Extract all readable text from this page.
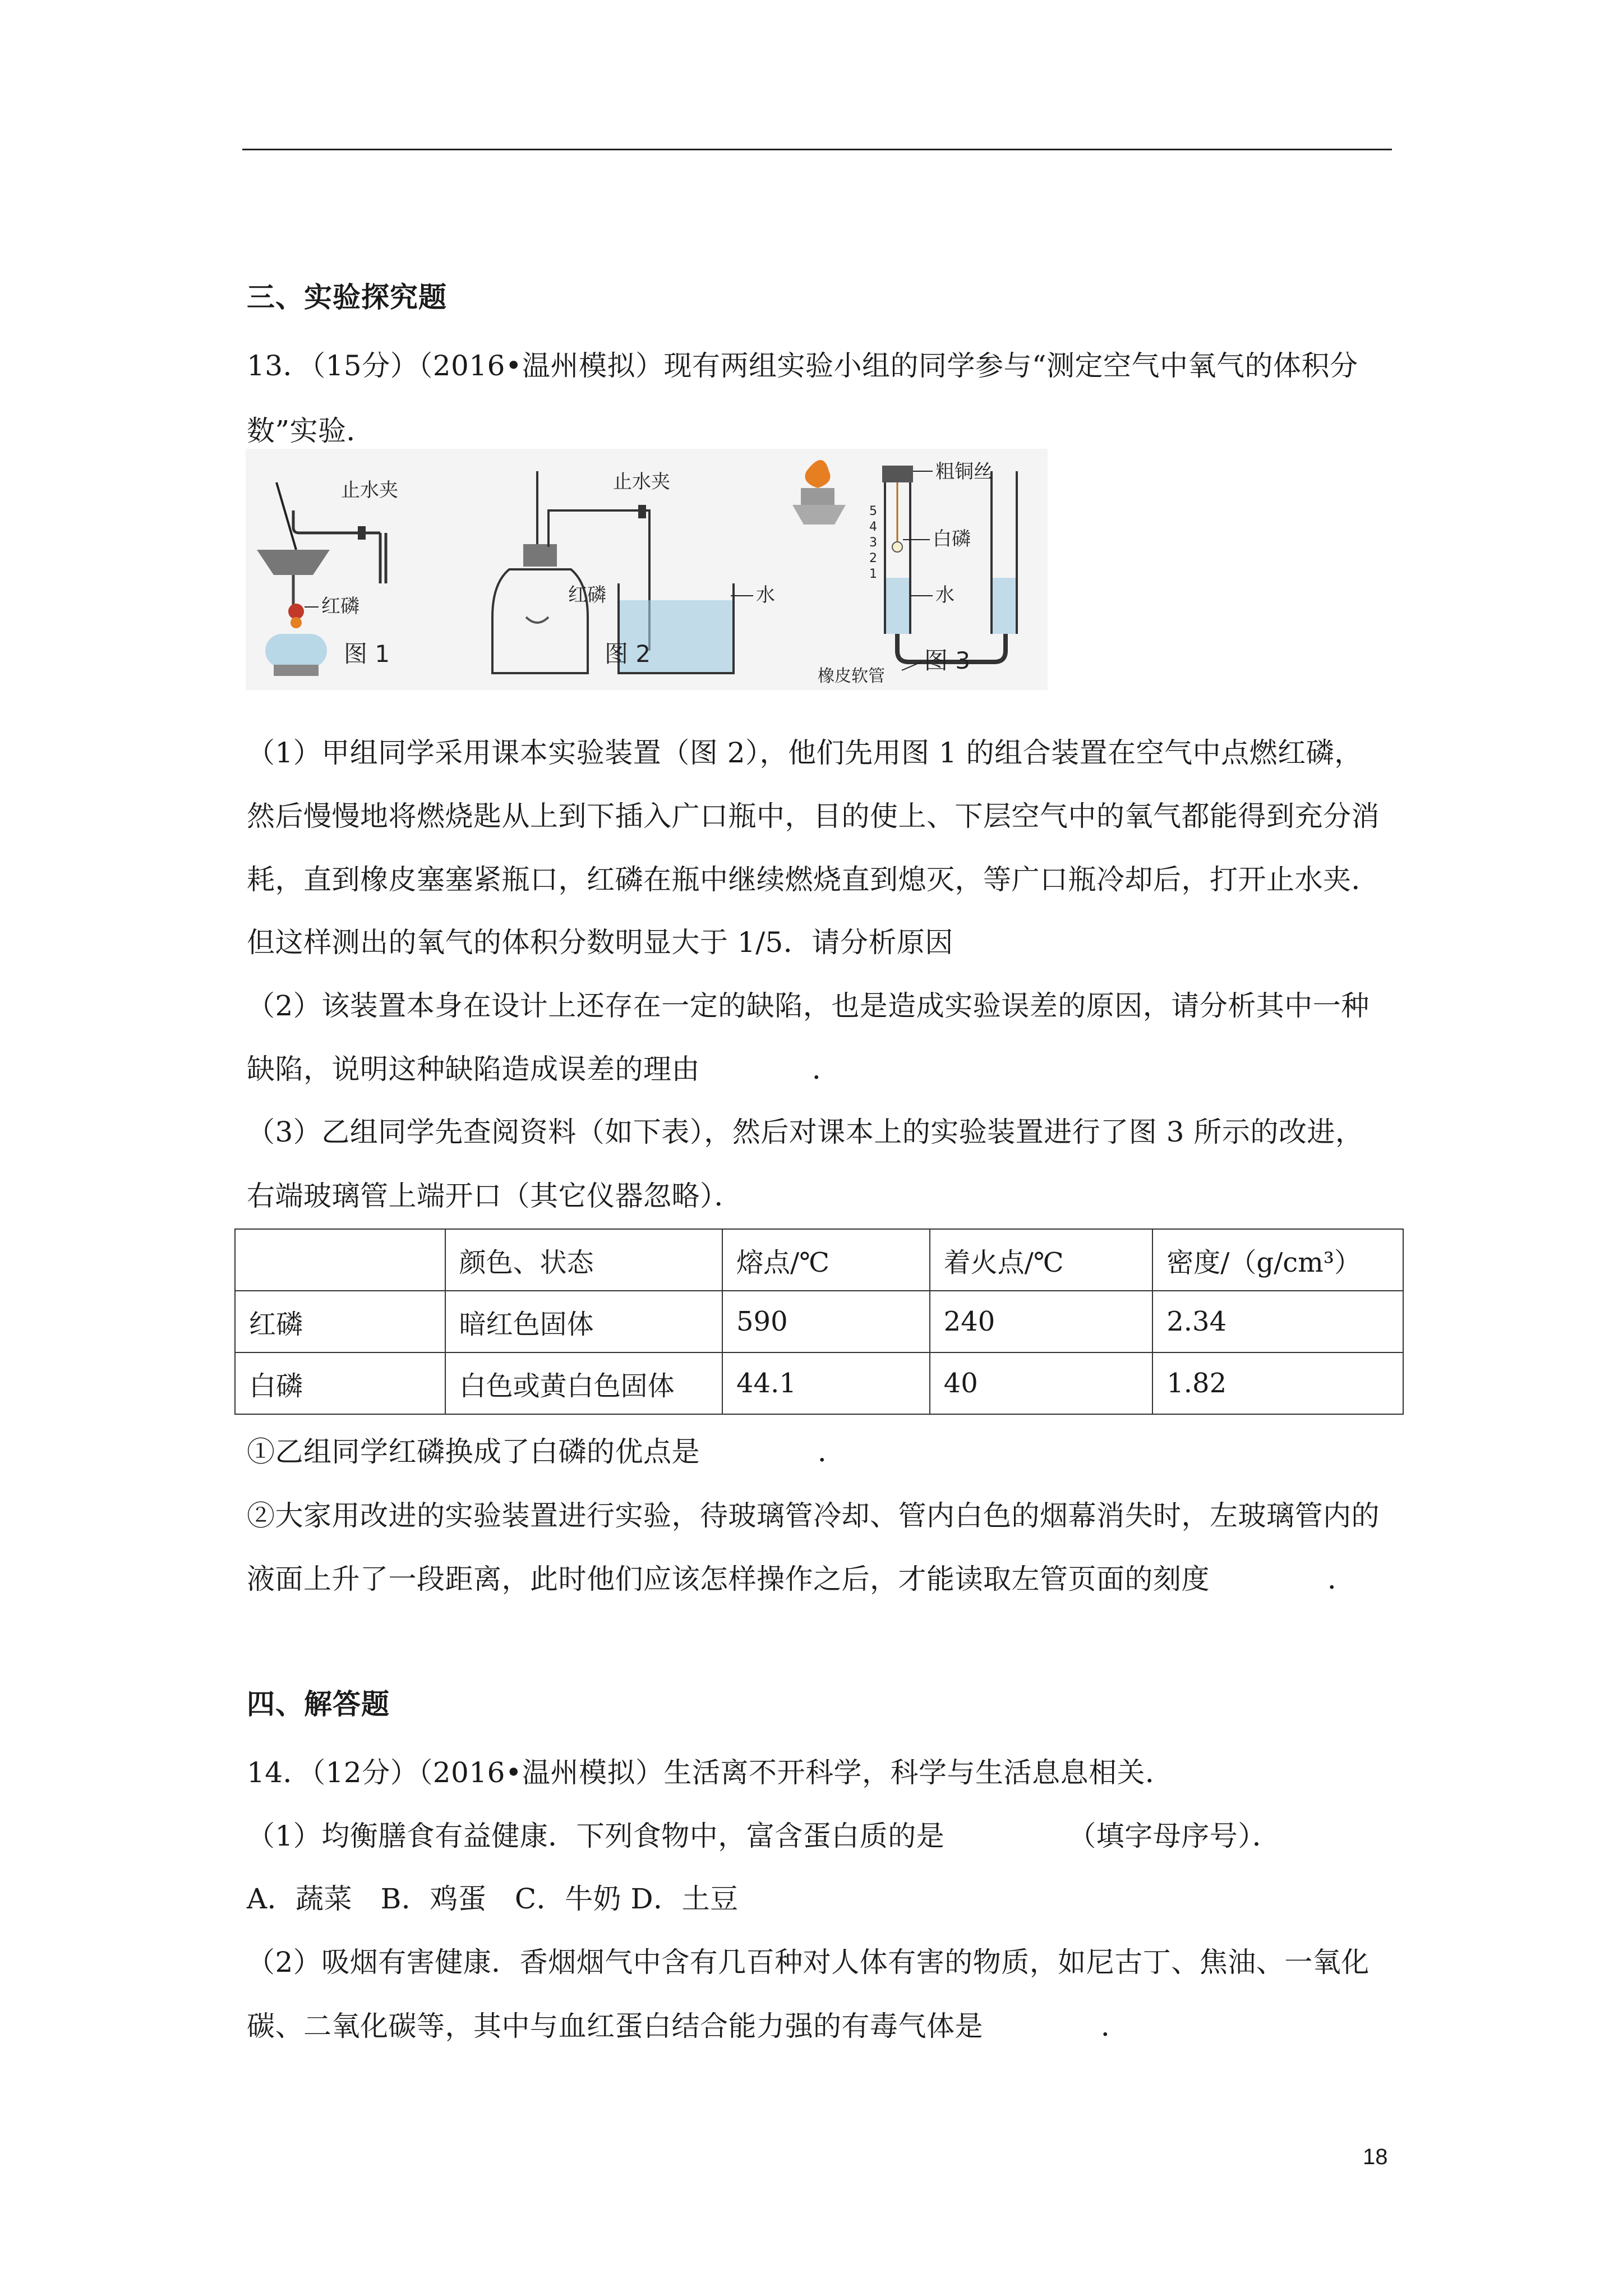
三、实验探究题
13．（15分）（2016•温州模拟）现有两组实验小组的同学参与“测定空气中氧气的体积分
数”实验．
止水夹
红磷
图 1
止水夹
红磷	水
图 2
5
4
3
2
1
粗铜丝
白磷
水
橡皮软管
图 3
（1）甲组同学采用课本实验装置（图 2），他们先用图 1 的组合装置在空气中点燃红磷，
然后慢慢地将燃烧匙从上到下插入广口瓶中，目的使上、下层空气中的氧气都能得到充分消
耗，直到橡皮塞塞紧瓶口，红磷在瓶中继续燃烧直到熄灭，等广口瓶冷却后，打开止水夹．
但这样测出的氧气的体积分数明显大于 1/5．请分析原因
（2）该装置本身在设计上还存在一定的缺陷，也是造成实验误差的原因，请分析其中一种
缺陷，说明这种缺陷造成误差的理由	．
（3）乙组同学先查阅资料（如下表），然后对课本上的实验装置进行了图 3 所示的改进，
右端玻璃管上端开口（其它仪器忽略）．
	颜色、状态	熔点/℃	着火点/℃	密度/（g/cm³）
红磷	暗红色固体	590	240	2.34
白磷	白色或黄白色固体	44.1	40	1.82
①乙组同学红磷换成了白磷的优点是	．
②大家用改进的实验装置进行实验，待玻璃管冷却、管内白色的烟幕消失时，左玻璃管内的
液面上升了一段距离，此时他们应该怎样操作之后，才能读取左管页面的刻度	．
四、解答题
14．（12分）（2016•温州模拟）生活离不开科学，科学与生活息息相关．
（1）均衡膳食有益健康．下列食物中，富含蛋白质的是	（填字母序号）．
A．蔬菜　B．鸡蛋　C．牛奶 D．土豆
（2）吸烟有害健康．香烟烟气中含有几百种对人体有害的物质，如尼古丁、焦油、一氧化
碳、二氧化碳等，其中与血红蛋白结合能力强的有毒气体是	．
18
